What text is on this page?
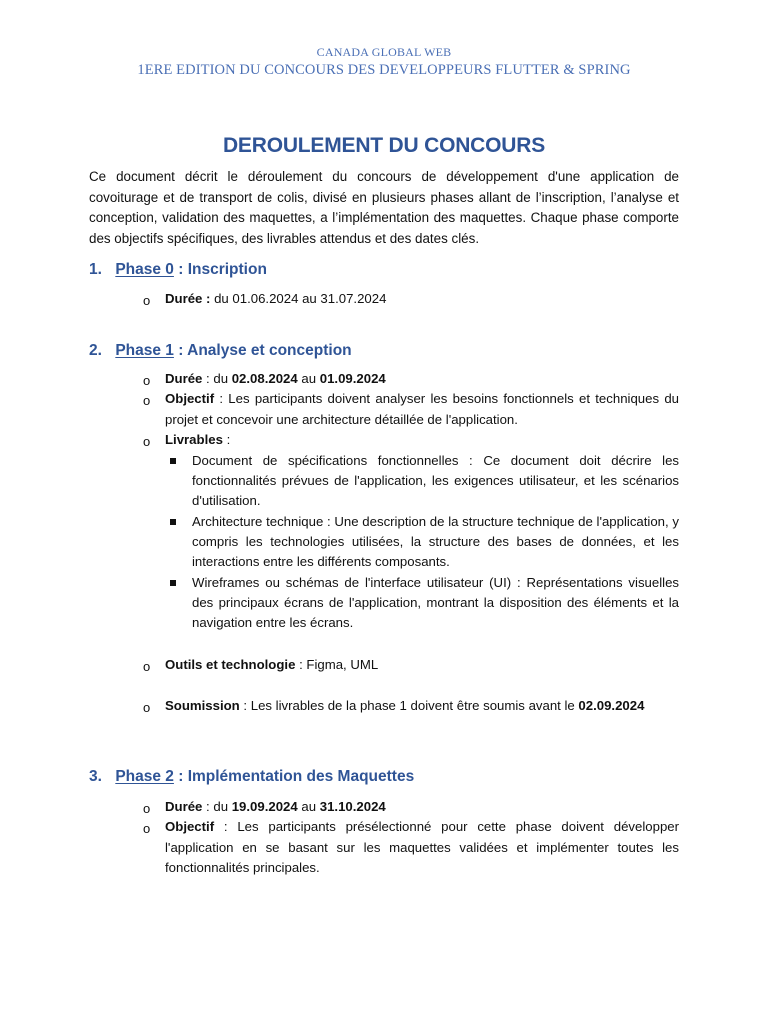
CANADA GLOBAL WEB
1ERE EDITION DU CONCOURS DES DEVELOPPEURS FLUTTER & SPRING
DEROULEMENT DU CONCOURS
Ce document décrit le déroulement du concours de développement d'une application de covoiturage et de transport de colis, divisé en plusieurs phases allant de l’inscription, l’analyse et conception, validation des maquettes, a l’implémentation des maquettes. Chaque phase comporte des objectifs spécifiques, des livrables attendus et des dates clés.
1. Phase 0 : Inscription
o Durée : du 01.06.2024 au 31.07.2024
2. Phase 1 : Analyse et conception
o Durée : du 02.08.2024 au 01.09.2024
o Objectif : Les participants doivent analyser les besoins fonctionnels et techniques du projet et concevoir une architecture détaillée de l'application.
o Livrables :
Document de spécifications fonctionnelles : Ce document doit décrire les fonctionnalités prévues de l'application, les exigences utilisateur, et les scénarios d'utilisation.
Architecture technique : Une description de la structure technique de l'application, y compris les technologies utilisées, la structure des bases de données, et les interactions entre les différents composants.
Wireframes ou schémas de l'interface utilisateur (UI) : Représentations visuelles des principaux écrans de l'application, montrant la disposition des éléments et la navigation entre les écrans.
o Outils et technologie : Figma, UML
o Soumission : Les livrables de la phase 1 doivent être soumis avant le 02.09.2024
3. Phase 2 : Implémentation des Maquettes
o Durée : du 19.09.2024 au 31.10.2024
o Objectif : Les participants présélectionné pour cette phase doivent développer l'application en se basant sur les maquettes validées et implémenter toutes les fonctionnalités principales.
